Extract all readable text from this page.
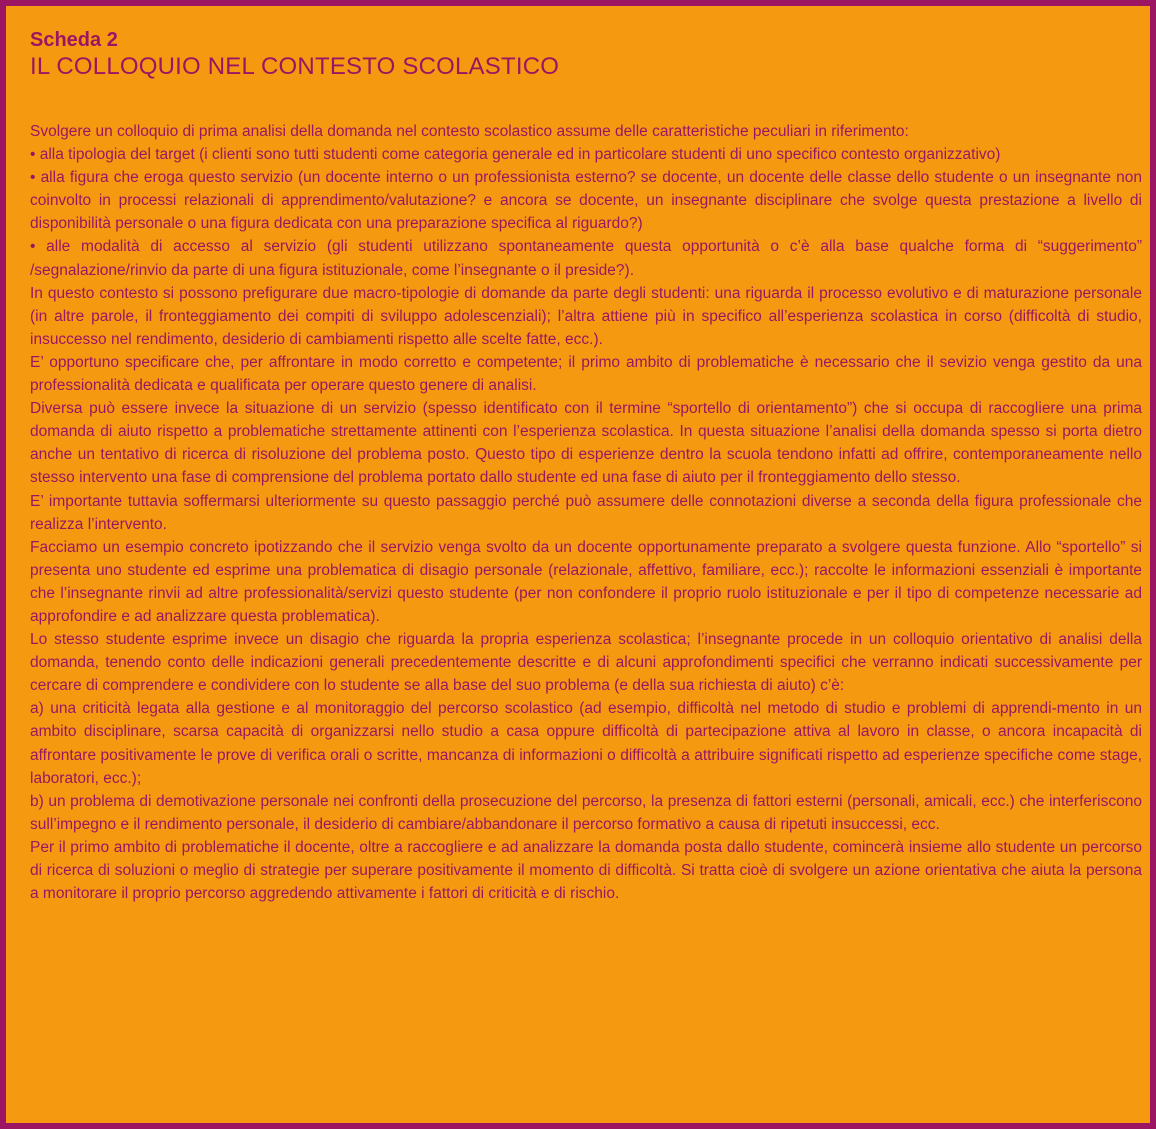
Scheda 2
IL COLLOQUIO NEL CONTESTO SCOLASTICO

Svolgere un colloquio di prima analisi della domanda nel contesto scolastico assume delle caratteristiche peculiari in riferimento:

• alla tipologia del target (i clienti sono tutti studenti come categoria generale ed in particolare studenti di uno specifico contesto organizzativo)

• alla figura che eroga questo servizio (un docente interno o un professionista esterno? se docente, un docente delle classe dello studente o un insegnante non coinvolto in processi relazionali di apprendimento/valutazione? e ancora se docente, un insegnante disciplinare che svolge questa prestazione a livello di disponibilità personale o una figura dedicata con una preparazione specifica al riguardo?)

• alle modalità di accesso al servizio (gli studenti utilizzano spontaneamente questa opportunità o c’è alla base qualche forma di “suggerimento” /segnalazione/rinvio da parte di una figura istituzionale, come l’insegnante o il preside?).

In questo contesto si possono prefigurare due macro-tipologie di domande da parte degli studenti: una riguarda il processo evolutivo e di maturazione personale (in altre parole, il fronteggiamento dei compiti di sviluppo adolescenziali); l’altra attiene più in specifico all’esperienza scolastica in corso (difficoltà di studio, insuccesso nel rendimento, desiderio di cambiamenti rispetto alle scelte fatte, ecc.).

E’ opportuno specificare che, per affrontare in modo corretto e competente; il primo ambito di problematiche è necessario che il sevizio venga gestito da una professionalità dedicata e qualificata per operare questo genere di analisi.

Diversa può essere invece la situazione di un servizio (spesso identificato con il termine “sportello di orientamento”) che si occupa di raccogliere una prima domanda di aiuto rispetto a problematiche strettamente attinenti con l’esperienza scolastica. In questa situazione l’analisi della domanda spesso si porta dietro anche un tentativo di ricerca di risoluzione del problema posto. Questo tipo di esperienze dentro la scuola tendono infatti ad offrire, contemporaneamente nello stesso intervento una fase di comprensione del problema portato dallo studente ed una fase di aiuto per il fronteggiamento dello stesso.

E’ importante tuttavia soffermarsi ulteriormente su questo passaggio perché può assumere delle connotazioni diverse a seconda della figura professionale che realizza l’intervento.

Facciamo un esempio concreto ipotizzando che il servizio venga svolto da un docente opportunamente preparato a svolgere questa funzione. Allo “sportello” si presenta uno studente ed esprime una problematica di disagio personale (relazionale, affettivo, familiare, ecc.); raccolte le informazioni essenziali è importante che l’insegnante rinvii ad altre professionalità/servizi questo studente (per non confondere il proprio ruolo istituzionale e per il tipo di competenze necessarie ad approfondire e ad analizzare questa problematica).

Lo stesso studente esprime invece un disagio che riguarda la propria esperienza scolastica; l’insegnante procede in un colloquio orientativo di analisi della domanda, tenendo conto delle indicazioni generali precedentemente descritte e di alcuni approfondimenti specifici che verranno indicati successivamente per cercare di comprendere e condividere con lo studente se alla base del suo problema (e della sua richiesta di aiuto) c’è:

a) una criticità legata alla gestione e al monitoraggio del percorso scolastico (ad esempio, difficoltà nel metodo di studio e problemi di apprendi-mento in un ambito disciplinare, scarsa capacità di organizzarsi nello studio a casa oppure difficoltà di partecipazione attiva al lavoro in classe, o ancora incapacità di affrontare positivamente le prove di verifica orali o scritte, mancanza di informazioni o difficoltà a attribuire significati rispetto ad esperienze specifiche come stage, laboratori, ecc.);

b) un problema di demotivazione personale nei confronti della prosecuzione del percorso, la presenza di fattori esterni (personali, amicali, ecc.) che interferiscono sull’impegno e il rendimento personale, il desiderio di cambiare/abbandonare il percorso formativo a causa di ripetuti insuccessi, ecc.

Per il primo ambito di problematiche il docente, oltre a raccogliere e ad analizzare la domanda posta dallo studente, comincerà insieme allo studente un percorso di ricerca di soluzioni o meglio di strategie per superare positivamente il momento di difficoltà. Si tratta cioè di svolgere un azione orientativa che aiuta la persona a monitorare il proprio percorso aggredendo attivamente i fattori di criticità e di rischio.
